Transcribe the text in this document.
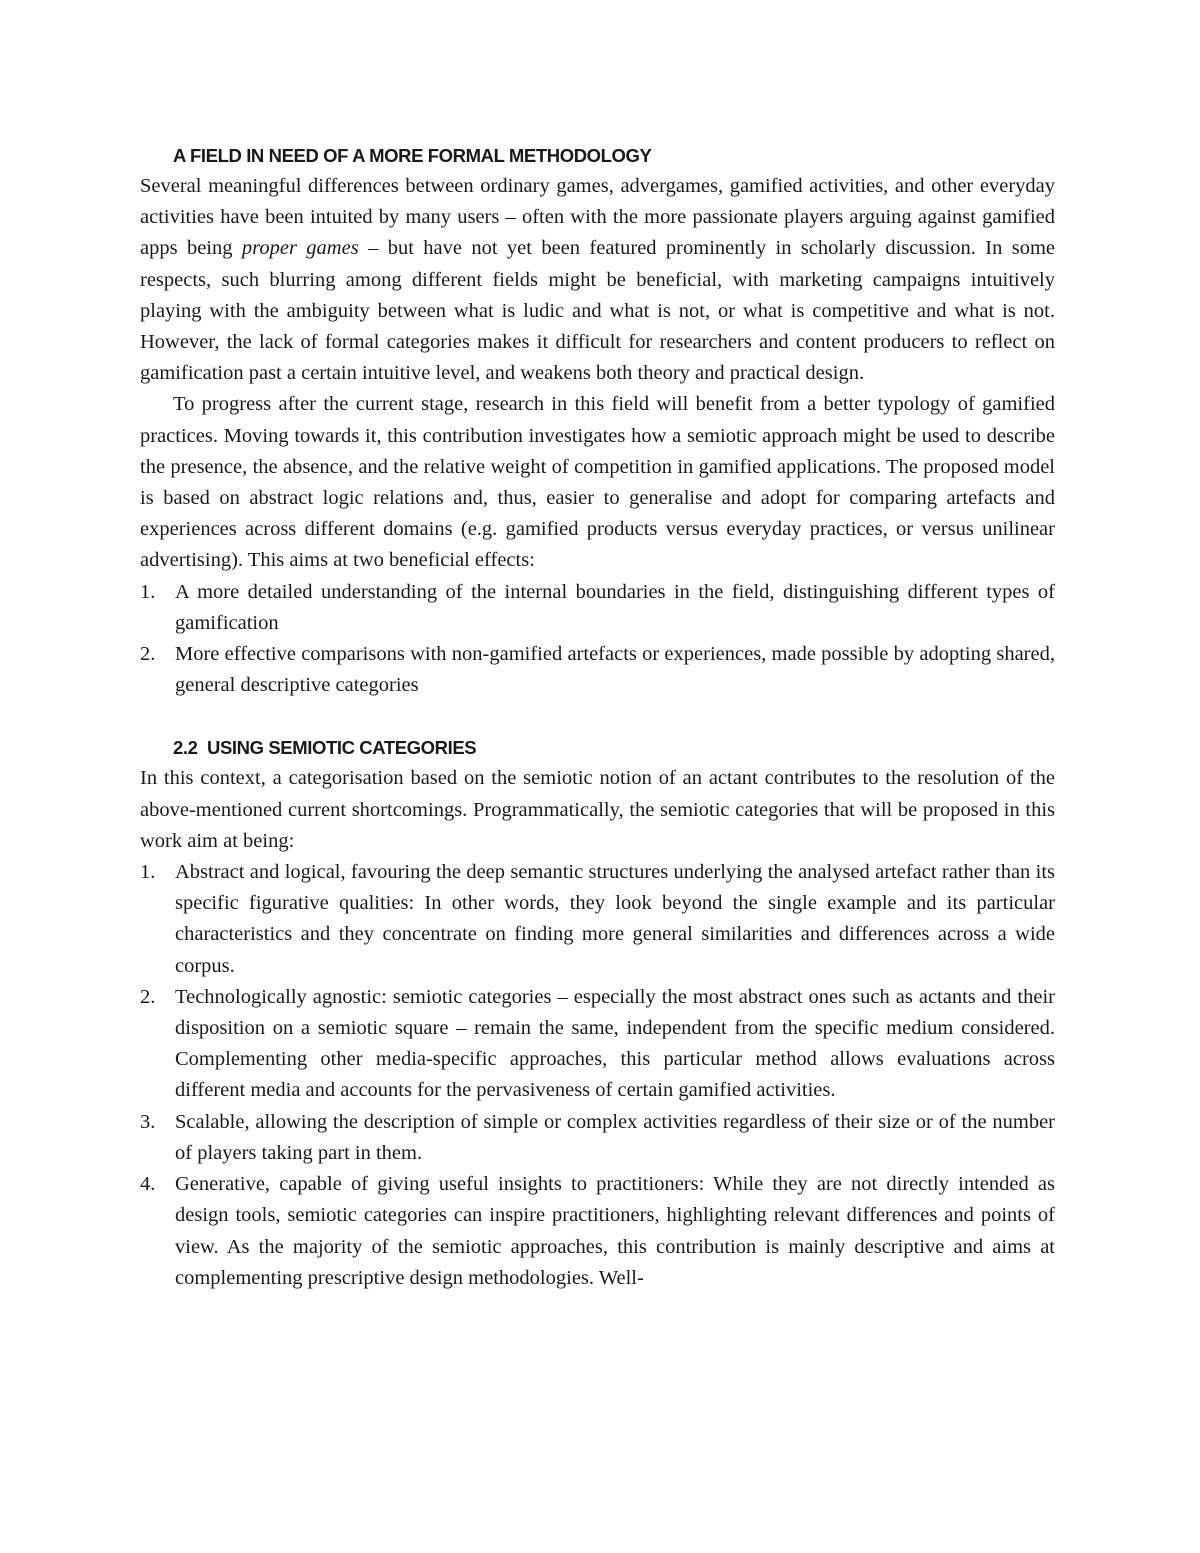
A FIELD IN NEED OF A MORE FORMAL METHODOLOGY

Several meaningful differences between ordinary games, advergames, gamified activities, and other everyday activities have been intuited by many users – often with the more passionate players arguing against gamified apps being proper games – but have not yet been featured prominently in scholarly discussion. In some respects, such blurring among different fields might be beneficial, with marketing campaigns intuitively playing with the ambiguity between what is ludic and what is not, or what is competitive and what is not. However, the lack of formal categories makes it difficult for researchers and content producers to reflect on gamification past a certain intuitive level, and weakens both theory and practical design.

To progress after the current stage, research in this field will benefit from a better typology of gamified practices. Moving towards it, this contribution investigates how a semiotic approach might be used to describe the presence, the absence, and the relative weight of competition in gamified applications. The proposed model is based on abstract logic relations and, thus, easier to generalise and adopt for comparing artefacts and experiences across different domains (e.g. gamified products versus everyday practices, or versus unilinear advertising). This aims at two beneficial effects:

1. A more detailed understanding of the internal boundaries in the field, distinguishing different types of gamification
2. More effective comparisons with non-gamified artefacts or experiences, made possible by adopting shared, general descriptive categories
2.2  USING SEMIOTIC CATEGORIES

In this context, a categorisation based on the semiotic notion of an actant contributes to the resolution of the above-mentioned current shortcomings. Programmatically, the semiotic categories that will be proposed in this work aim at being:

1. Abstract and logical, favouring the deep semantic structures underlying the analysed artefact rather than its specific figurative qualities: In other words, they look beyond the single example and its particular characteristics and they concentrate on finding more general similarities and differences across a wide corpus.
2. Technologically agnostic: semiotic categories – especially the most abstract ones such as actants and their disposition on a semiotic square – remain the same, independent from the specific medium considered. Complementing other media-specific approaches, this particular method allows evaluations across different media and accounts for the pervasiveness of certain gamified activities.
3. Scalable, allowing the description of simple or complex activities regardless of their size or of the number of players taking part in them.
4. Generative, capable of giving useful insights to practitioners: While they are not directly intended as design tools, semiotic categories can inspire practitioners, highlighting relevant differences and points of view. As the majority of the semiotic approaches, this contribution is mainly descriptive and aims at complementing prescriptive design methodologies. Well-
